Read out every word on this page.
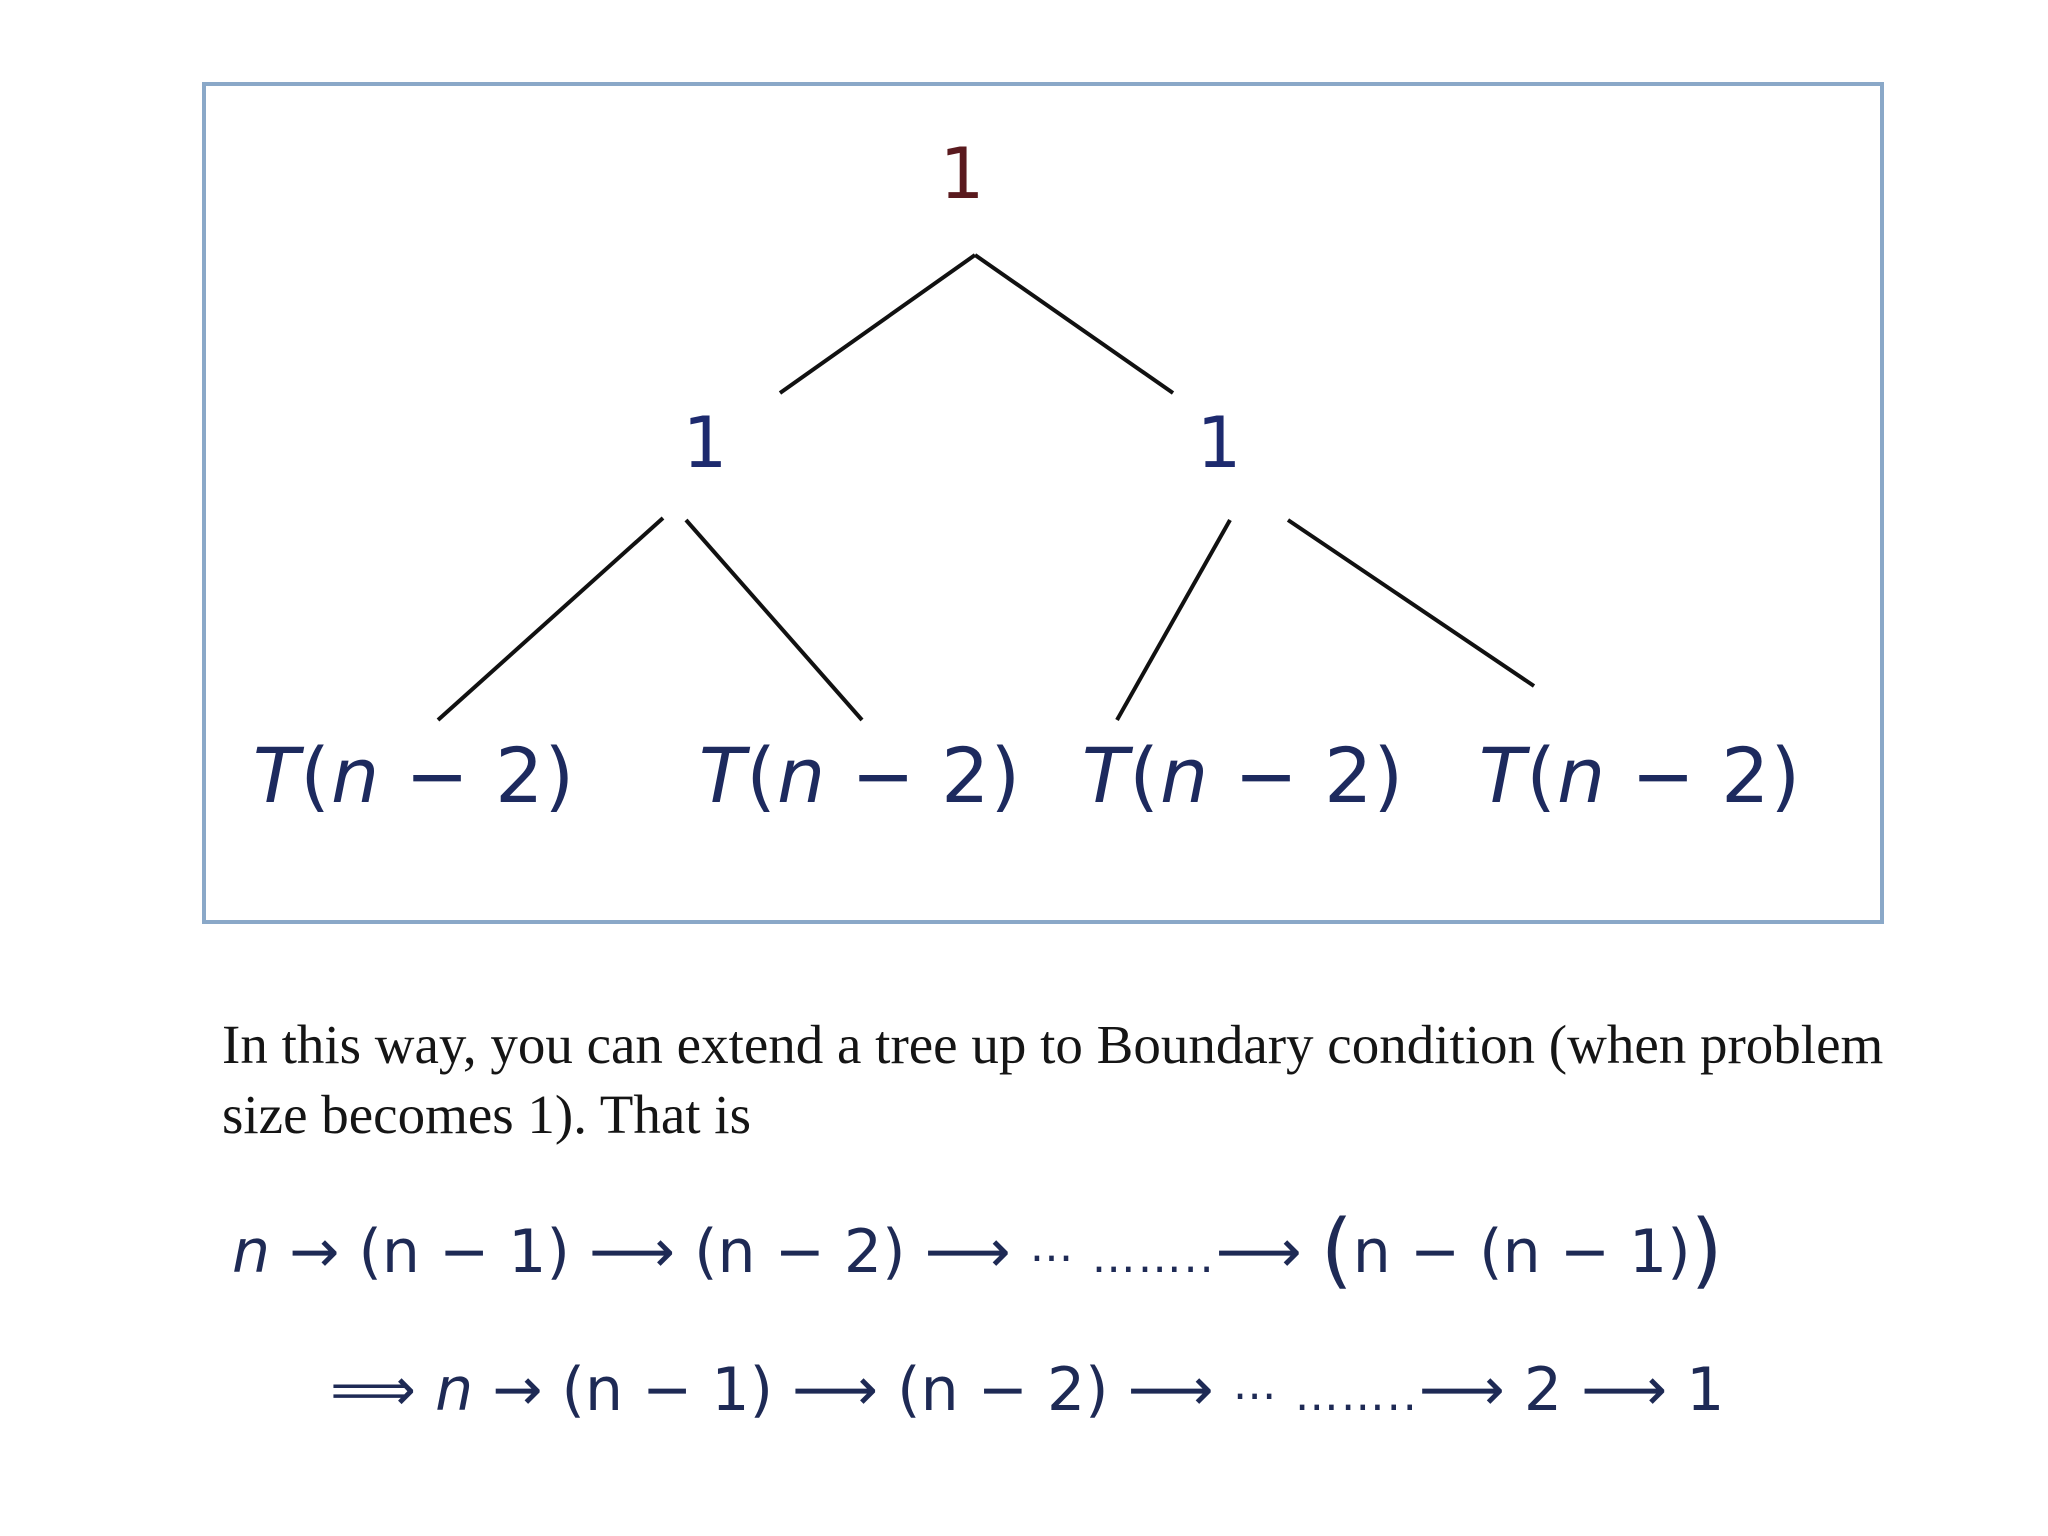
1
1	1
T(n − 2) T(n − 2) T(n − 2) T(n − 2)
In this way, you can extend a tree up to Boundary condition (when problem size becomes 1). That is
n → (n − 1) ⟶ (n − 2) ⟶ ⋯ ……..⟶ (n − (n − 1))
⟹ n → (n − 1) ⟶ (n − 2) ⟶ ⋯ ……..⟶ 2 ⟶ 1
